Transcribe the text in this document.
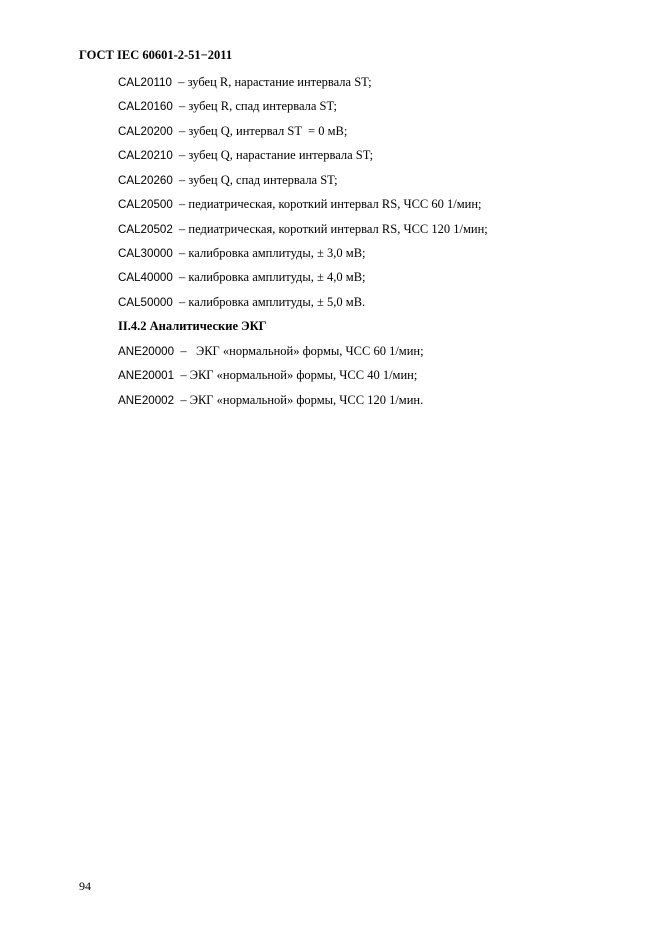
ГОСТ IEC 60601-2-51−2011
CAL20110  – зубец R, нарастание интервала ST;
CAL20160  – зубец R, спад интервала ST;
CAL20200  – зубец Q, интервал ST  = 0 мВ;
CAL20210  – зубец Q, нарастание интервала ST;
CAL20260  – зубец Q, спад интервала ST;
CAL20500  – педиатрическая, короткий интервал RS, ЧСС 60 1/мин;
CAL20502  – педиатрическая, короткий интервал RS, ЧСС 120 1/мин;
CAL30000  – калибровка амплитуды, ± 3,0 мВ;
CAL40000  – калибровка амплитуды, ± 4,0 мВ;
CAL50000  – калибровка амплитуды, ± 5,0 мВ.
II.4.2 Аналитические ЭКГ
ANE20000  –   ЭКГ «нормальной» формы, ЧСС 60 1/мин;
ANE20001  – ЭКГ «нормальной» формы, ЧСС 40 1/мин;
ANE20002  – ЭКГ «нормальной» формы, ЧСС 120 1/мин.
94
